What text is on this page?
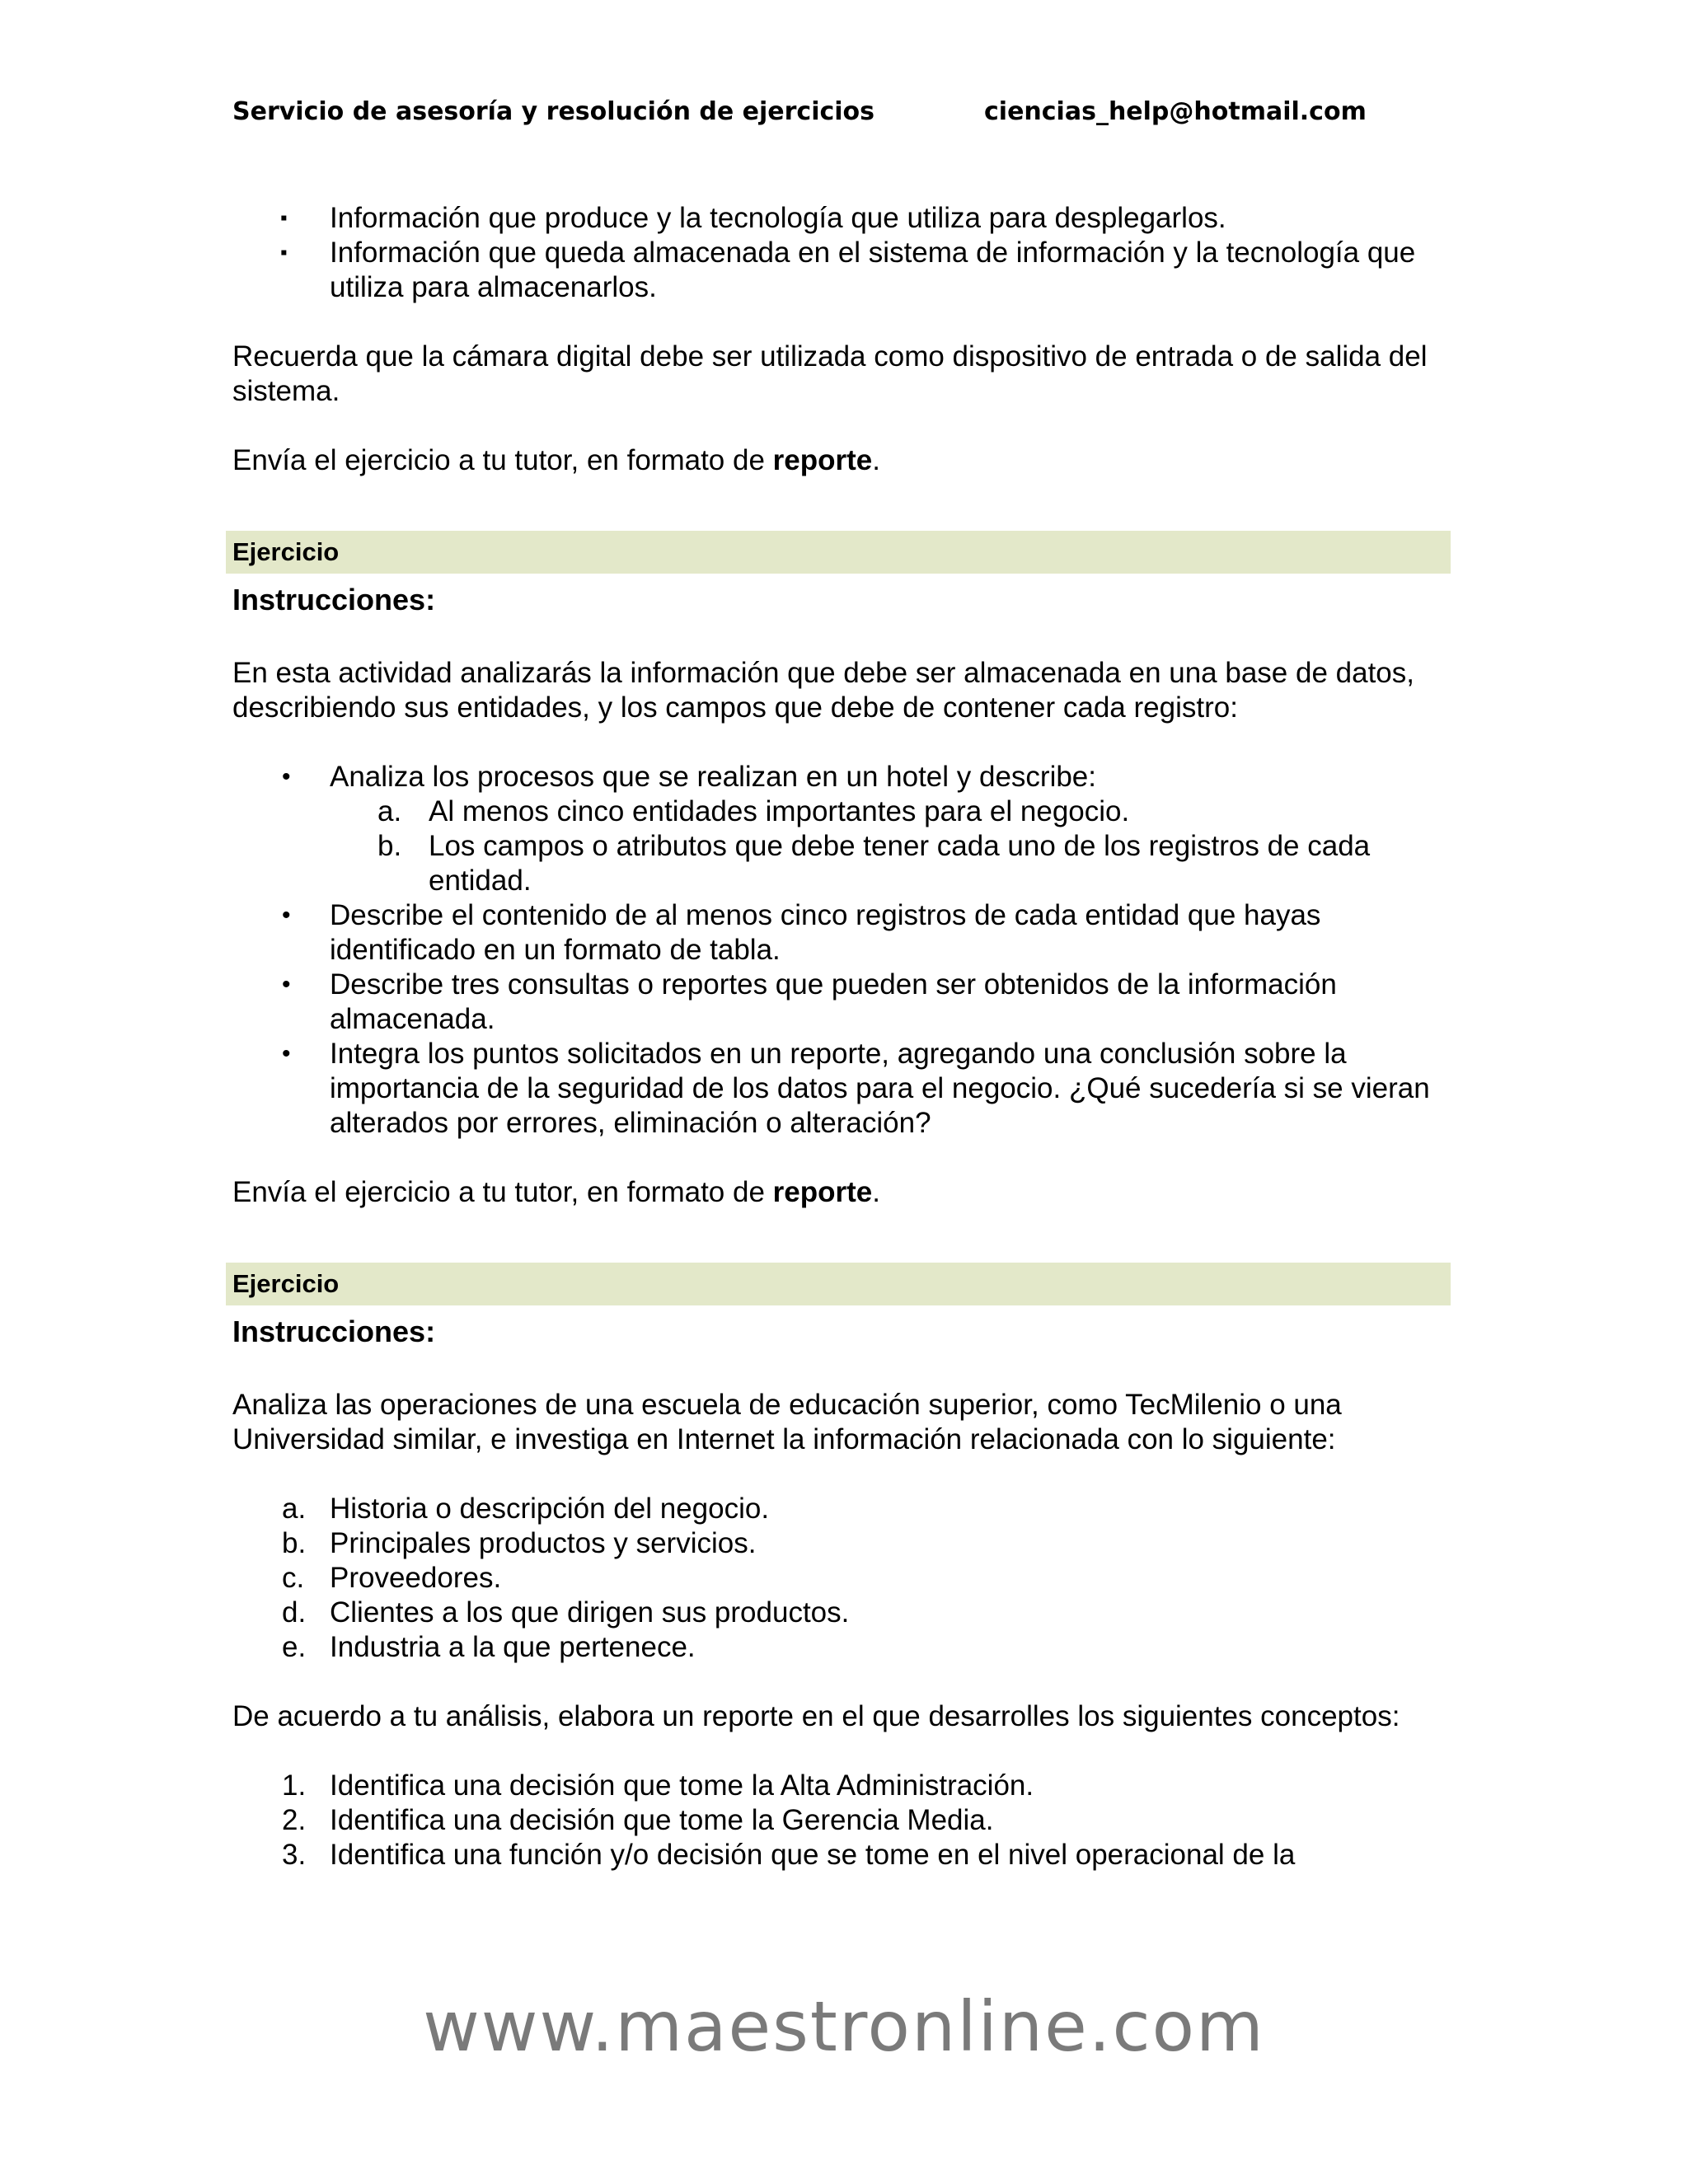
Servicio de asesoría y resolución de ejercicios	ciencias_help@hotmail.com
▪ Información que produce y la tecnología que utiliza para desplegarlos.
▪ Información que queda almacenada en el sistema de información y la tecnología que utiliza para almacenarlos.

Recuerda que la cámara digital debe ser utilizada como dispositivo de entrada o de salida del sistema.

Envía el ejercicio a tu tutor, en formato de reporte.

Ejercicio
Instrucciones:

En esta actividad analizarás la información que debe ser almacenada en una base de datos, describiendo sus entidades, y los campos que debe de contener cada registro:

• Analiza los procesos que se realizan en un hotel y describe:
a. Al menos cinco entidades importantes para el negocio.
b. Los campos o atributos que debe tener cada uno de los registros de cada entidad.
• Describe el contenido de al menos cinco registros de cada entidad que hayas identificado en un formato de tabla.
• Describe tres consultas o reportes que pueden ser obtenidos de la información almacenada.
• Integra los puntos solicitados en un reporte, agregando una conclusión sobre la importancia de la seguridad de los datos para el negocio. ¿Qué sucedería si se vieran alterados por errores, eliminación o alteración?

Envía el ejercicio a tu tutor, en formato de reporte.

Ejercicio
Instrucciones:

Analiza las operaciones de una escuela de educación superior, como TecMilenio o una Universidad similar, e investiga en Internet la información relacionada con lo siguiente:

a. Historia o descripción del negocio.
b. Principales productos y servicios.
c. Proveedores.
d. Clientes a los que dirigen sus productos.
e. Industria a la que pertenece.

De acuerdo a tu análisis, elabora un reporte en el que desarrolles los siguientes conceptos:

1. Identifica una decisión que tome la Alta Administración.
2. Identifica una decisión que tome la Gerencia Media.
3. Identifica una función y/o decisión que se tome en el nivel operacional de la
www.maestronline.com
